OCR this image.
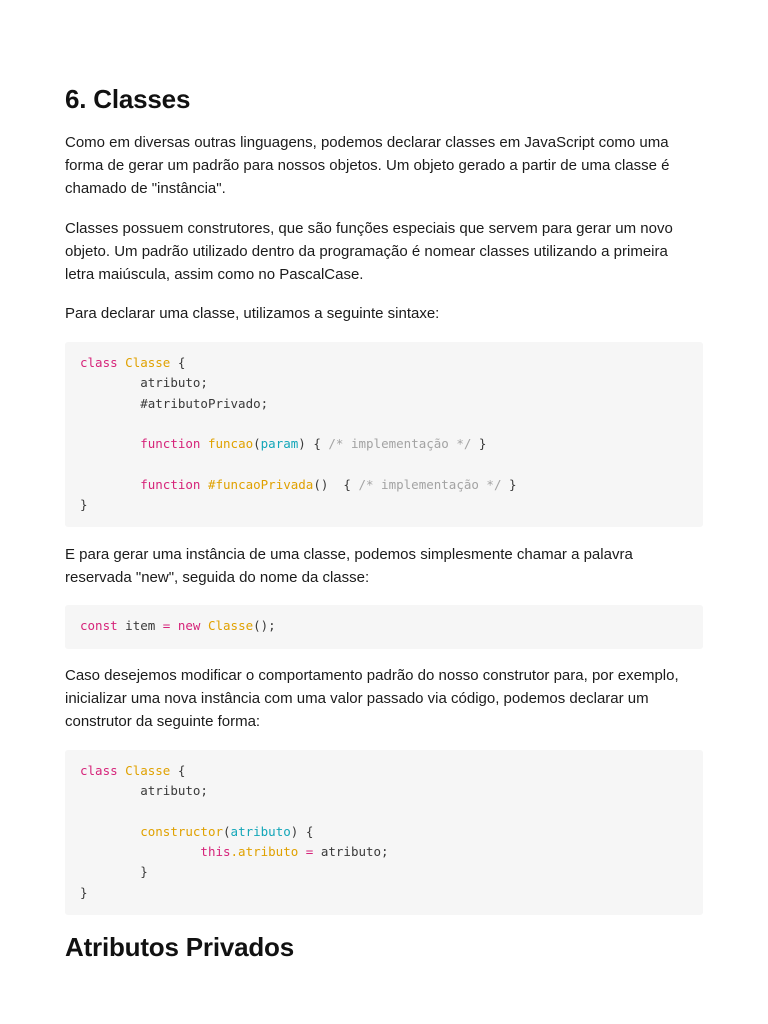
6. Classes
Como em diversas outras linguagens, podemos declarar classes em JavaScript como uma
forma de gerar um padrão para nossos objetos. Um objeto gerado a partir de uma classe é
chamado de "instância".
Classes possuem construtores, que são funções especiais que servem para gerar um novo
objeto. Um padrão utilizado dentro da programação é nomear classes utilizando a primeira
letra maiúscula, assim como no PascalCase.
Para declarar uma classe, utilizamos a seguinte sintaxe:
class Classe {
atributo;
#atributoPrivado;
function funcao(param) { /* implementação */ }
function #funcaoPrivada()  { /* implementação */ }
}
E para gerar uma instância de uma classe, podemos simplesmente chamar a palavra
reservada "new", seguida do nome da classe:
const item = new Classe();
Caso desejemos modificar o comportamento padrão do nosso construtor para, por exemplo,
inicializar uma nova instância com uma valor passado via código, podemos declarar um
construtor da seguinte forma:
class Classe {
atributo;
constructor(atributo) {
this.atributo = atributo;
}
}
Atributos Privados
